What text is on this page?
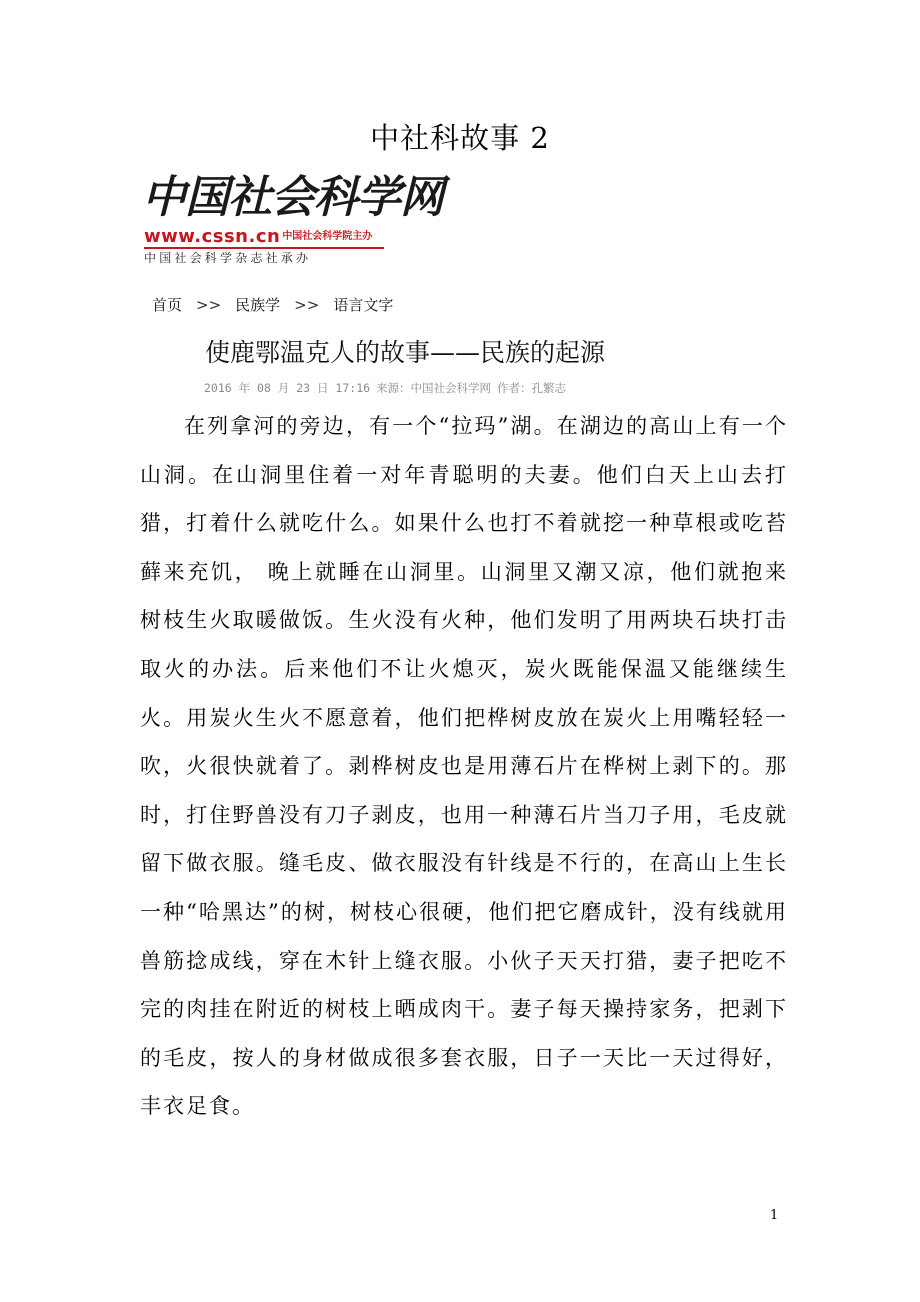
中社科故事 2
中国社会科学网
www.cssn.cn 中国社会科学院主办
中国社会科学杂志社承办
首页 >> 民族学 >> 语言文字
使鹿鄂温克人的故事——民族的起源
2016 年 08 月 23 日 17:16 来源：中国社会科学网 作者：孔繁志

在列拿河的旁边，有一个“拉玛”湖。在湖边的高山上有一个山洞。在山洞里住着一对年青聪明的夫妻。他们白天上山去打猎，打着什么就吃什么。如果什么也打不着就挖一种草根或吃苔藓来充饥， 晚上就睡在山洞里。山洞里又潮又凉，他们就抱来树枝生火取暖做饭。生火没有火种，他们发明了用两块石块打击取火的办法。后来他们不让火熄灭，炭火既能保温又能继续生火。用炭火生火不愿意着，他们把桦树皮放在炭火上用嘴轻轻一吹，火很快就着了。剥桦树皮也是用薄石片在桦树上剥下的。那时，打住野兽没有刀子剥皮，也用一种薄石片当刀子用，毛皮就留下做衣服。缝毛皮、做衣服没有针线是不行的，在高山上生长一种“哈黑达”的树，树枝心很硬，他们把它磨成针，没有线就用兽筋捻成线，穿在木针上缝衣服。小伙子天天打猎，妻子把吃不完的肉挂在附近的树枝上晒成肉干。妻子每天操持家务，把剥下的毛皮，按人的身材做成很多套衣服，日子一天比一天过得好，丰衣足食。

1
